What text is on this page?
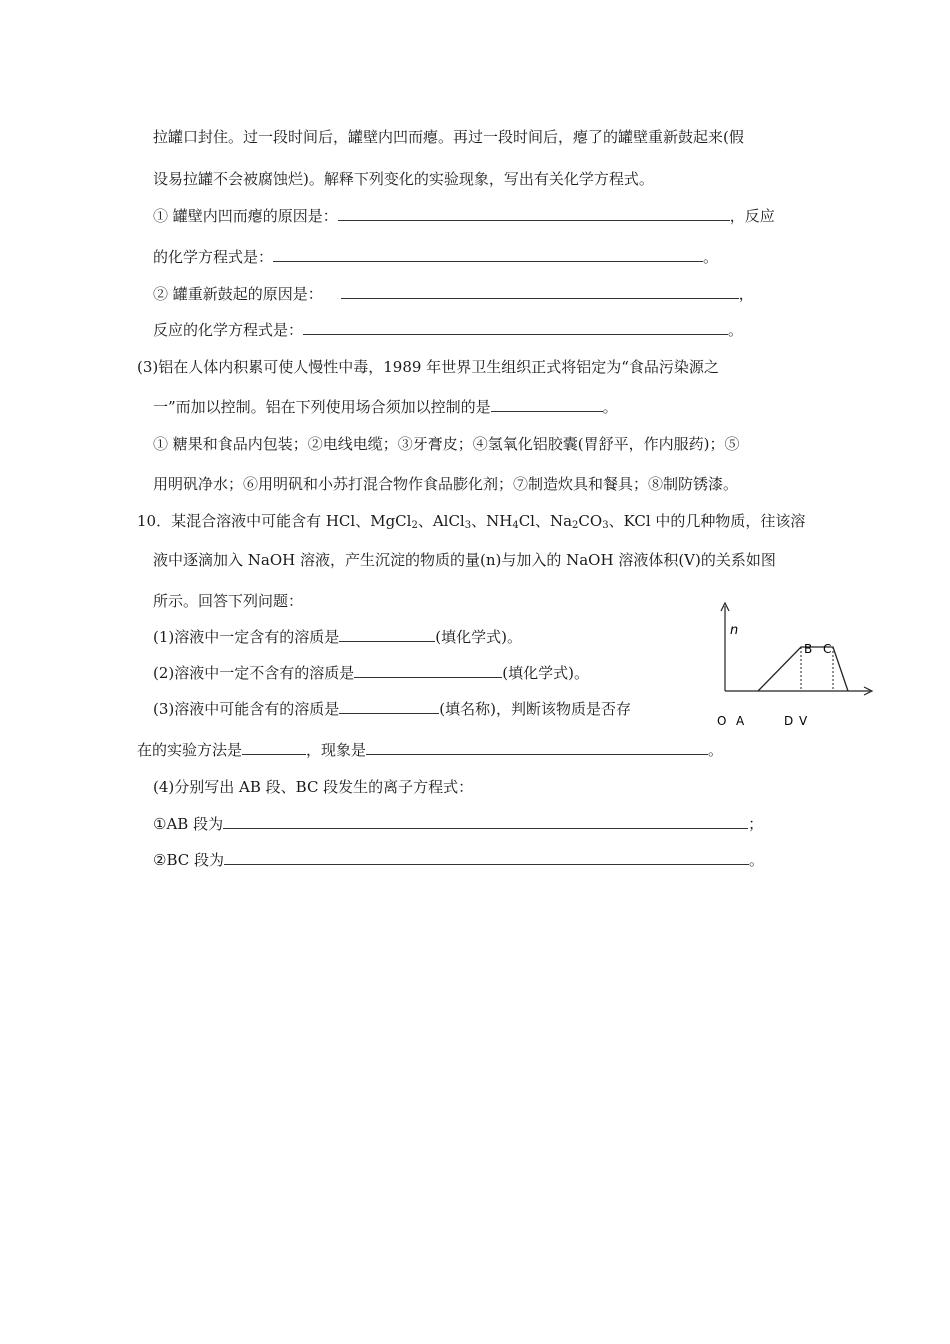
拉罐口封住。过一段时间后，罐壁内凹而瘪。再过一段时间后，瘪了的罐壁重新鼓起来(假
设易拉罐不会被腐蚀烂)。解释下列变化的实验现象，写出有关化学方程式。
① 罐壁内凹而瘪的原因是：	，反应
的化学方程式是：	。
② 罐重新鼓起的原因是：	，
反应的化学方程式是：	。
(3)铝在人体内积累可使人慢性中毒，1989 年世界卫生组织正式将铝定为“食品污染源之
一”而加以控制。铝在下列使用场合须加以控制的是	。
① 糖果和食品内包装；②电线电缆；③牙膏皮；④氢氧化铝胶囊(胃舒平，作内服药)；⑤
用明矾净水；⑥用明矾和小苏打混合物作食品膨化剂；⑦制造炊具和餐具；⑧制防锈漆。
10．某混合溶液中可能含有 HCl、MgCl$_2$、AlCl$_3$、$NH_4Cl$、$Na_2CO_3$、KCl 中的几种物质，往该溶
液中逐滴加入 NaOH 溶液，产生沉淀的物质的量(n)与加入的 NaOH 溶液体积(V)的关系如图
所示。回答下列问题：
(1)溶液中一定含有的溶质是	(填化学式)。
(2)溶液中一定不含有的溶质是	(填化学式)。
(3)溶液中可能含有的溶质是	(填名称)，判断该物质是否存
在的实验方法是	，现象是	。
(4)分别写出 AB 段、BC 段发生的离子方程式：
①AB 段为	；
②BC 段为	。
n
B C
O A	D V
